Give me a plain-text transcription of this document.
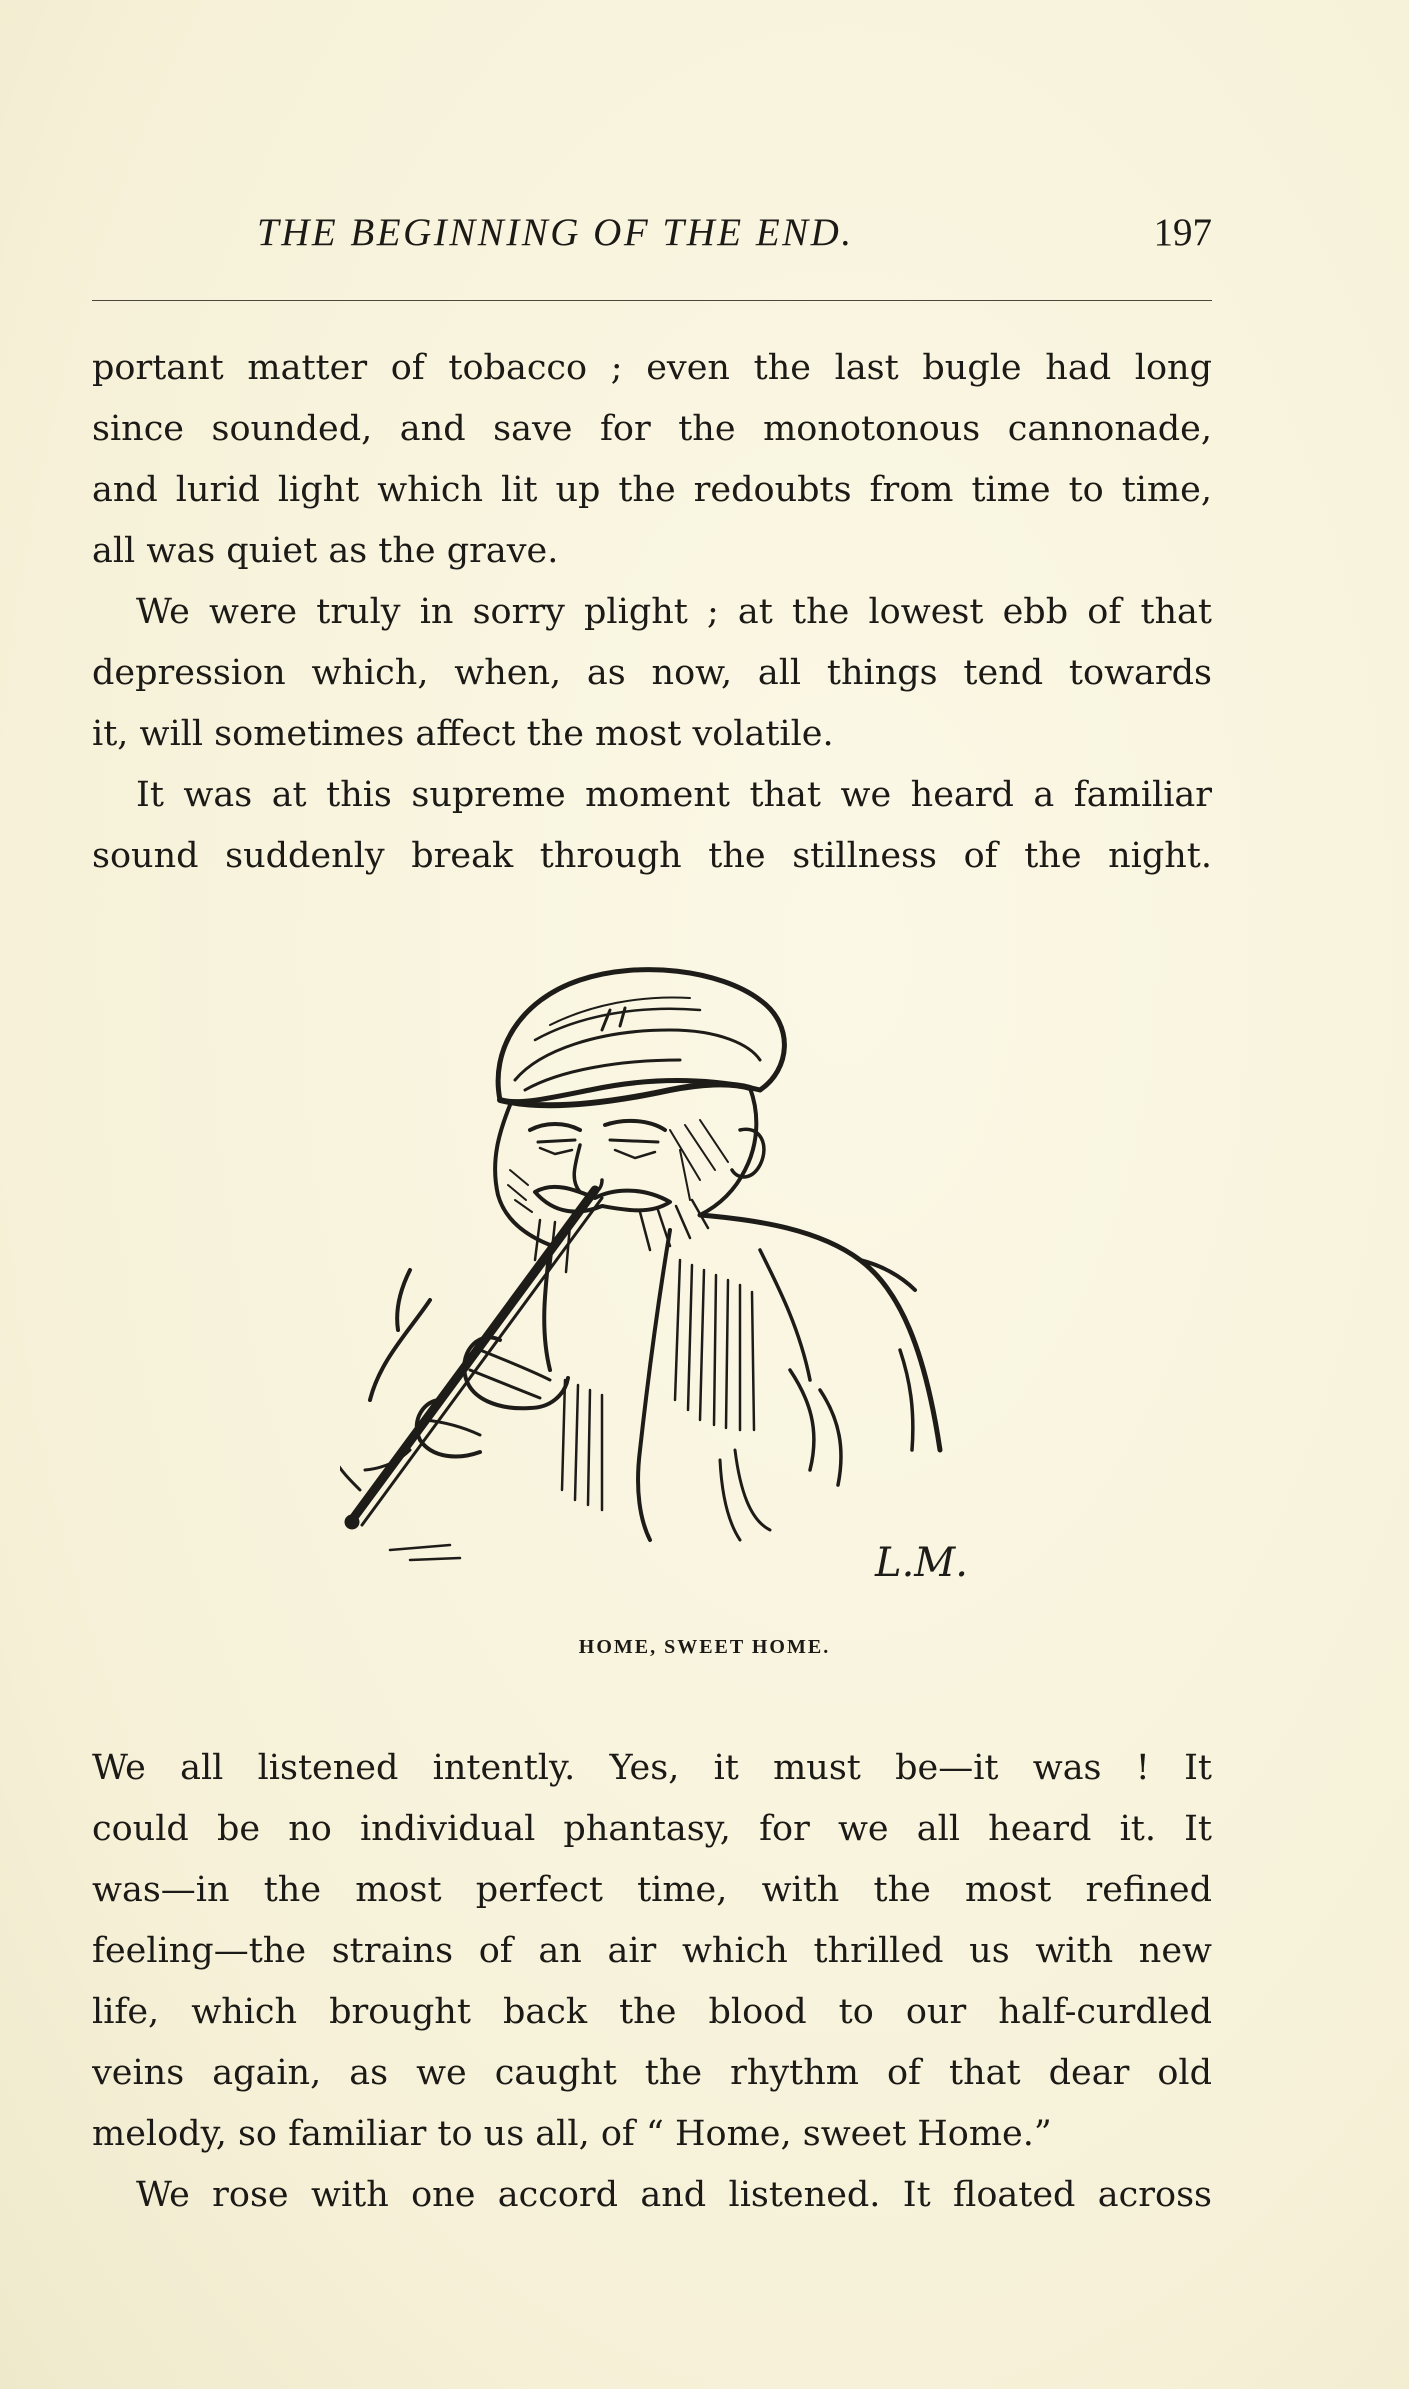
THE BEGINNING OF THE END.	197
portant matter of tobacco ; even the last bugle had long
since sounded, and save for the monotonous cannonade,
and lurid light which lit up the redoubts from time to time,
all was quiet as the grave.
We were truly in sorry plight ; at the lowest ebb of that
depression which, when, as now, all things tend towards
it, will sometimes affect the most volatile.
It was at this supreme moment that we heard a familiar
sound suddenly break through the stillness of the night.
L.M.
HOME, SWEET HOME.
We all listened intently. Yes, it must be—it was ! It
could be no individual phantasy, for we all heard it. It
was—in the most perfect time, with the most refined
feeling—the strains of an air which thrilled us with new
life, which brought back the blood to our half-curdled
veins again, as we caught the rhythm of that dear old
melody, so familiar to us all, of “ Home, sweet Home.”
We rose with one accord and listened. It floated across
